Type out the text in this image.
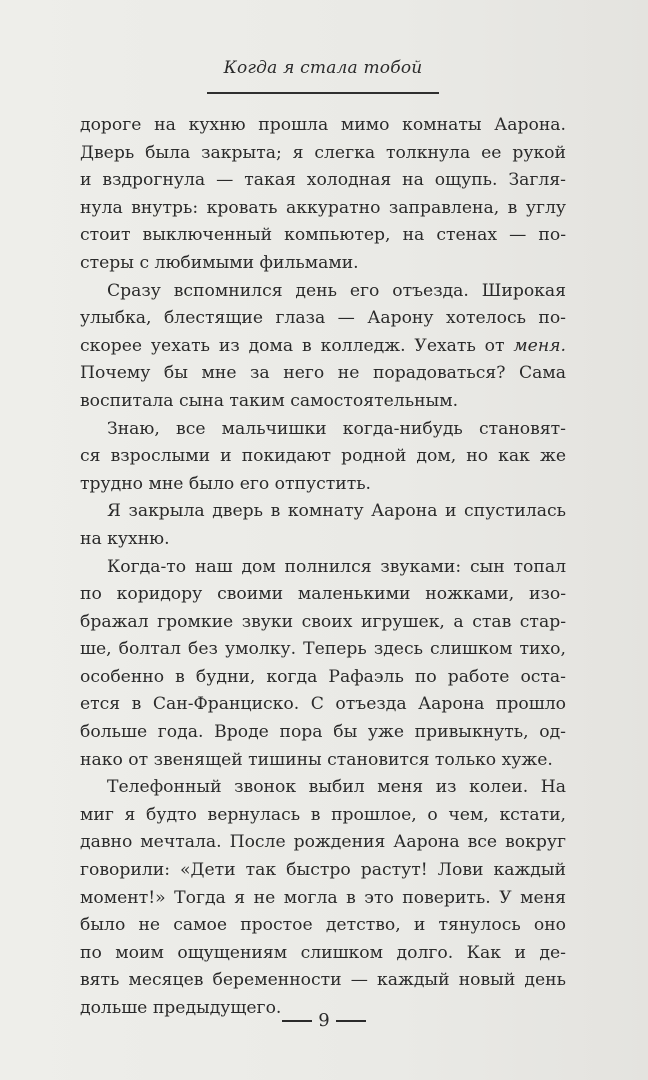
Когда я стала тобой

дороге на кухню прошла мимо комнаты Аарона.
Дверь была закрыта; я слегка толкнула ее рукой
и вздрогнула — такая холодная на ощупь. Загля-
нула внутрь: кровать аккуратно заправлена, в углу
стоит выключенный компьютер, на стенах — по-
стеры с любимыми фильмами.

Сразу вспомнился день его отъезда. Широкая
улыбка, блестящие глаза — Аарону хотелось по-
скорее уехать из дома в колледж. Уехать от меня.
Почему бы мне за него не порадоваться? Сама
воспитала сына таким самостоятельным.

Знаю, все мальчишки когда-нибудь становят-
ся взрослыми и покидают родной дом, но как же
трудно мне было его отпустить.

Я закрыла дверь в комнату Аарона и спустилась
на кухню.

Когда-то наш дом полнился звуками: сын топал
по коридору своими маленькими ножками, изо-
бражал громкие звуки своих игрушек, а став стар-
ше, болтал без умолку. Теперь здесь слишком тихо,
особенно в будни, когда Рафаэль по работе оста-
ется в Сан-Франциско. С отъезда Аарона прошло
больше года. Вроде пора бы уже привыкнуть, од-
нако от звенящей тишины становится только хуже.

Телефонный звонок выбил меня из колеи. На
миг я будто вернулась в прошлое, о чем, кстати,
давно мечтала. После рождения Аарона все вокруг
говорили: «Дети так быстро растут! Лови каждый
момент!» Тогда я не могла в это поверить. У меня
было не самое простое детство, и тянулось оно
по моим ощущениям слишком долго. Как и де-
вять месяцев беременности — каждый новый день
дольше предыдущего.

9
